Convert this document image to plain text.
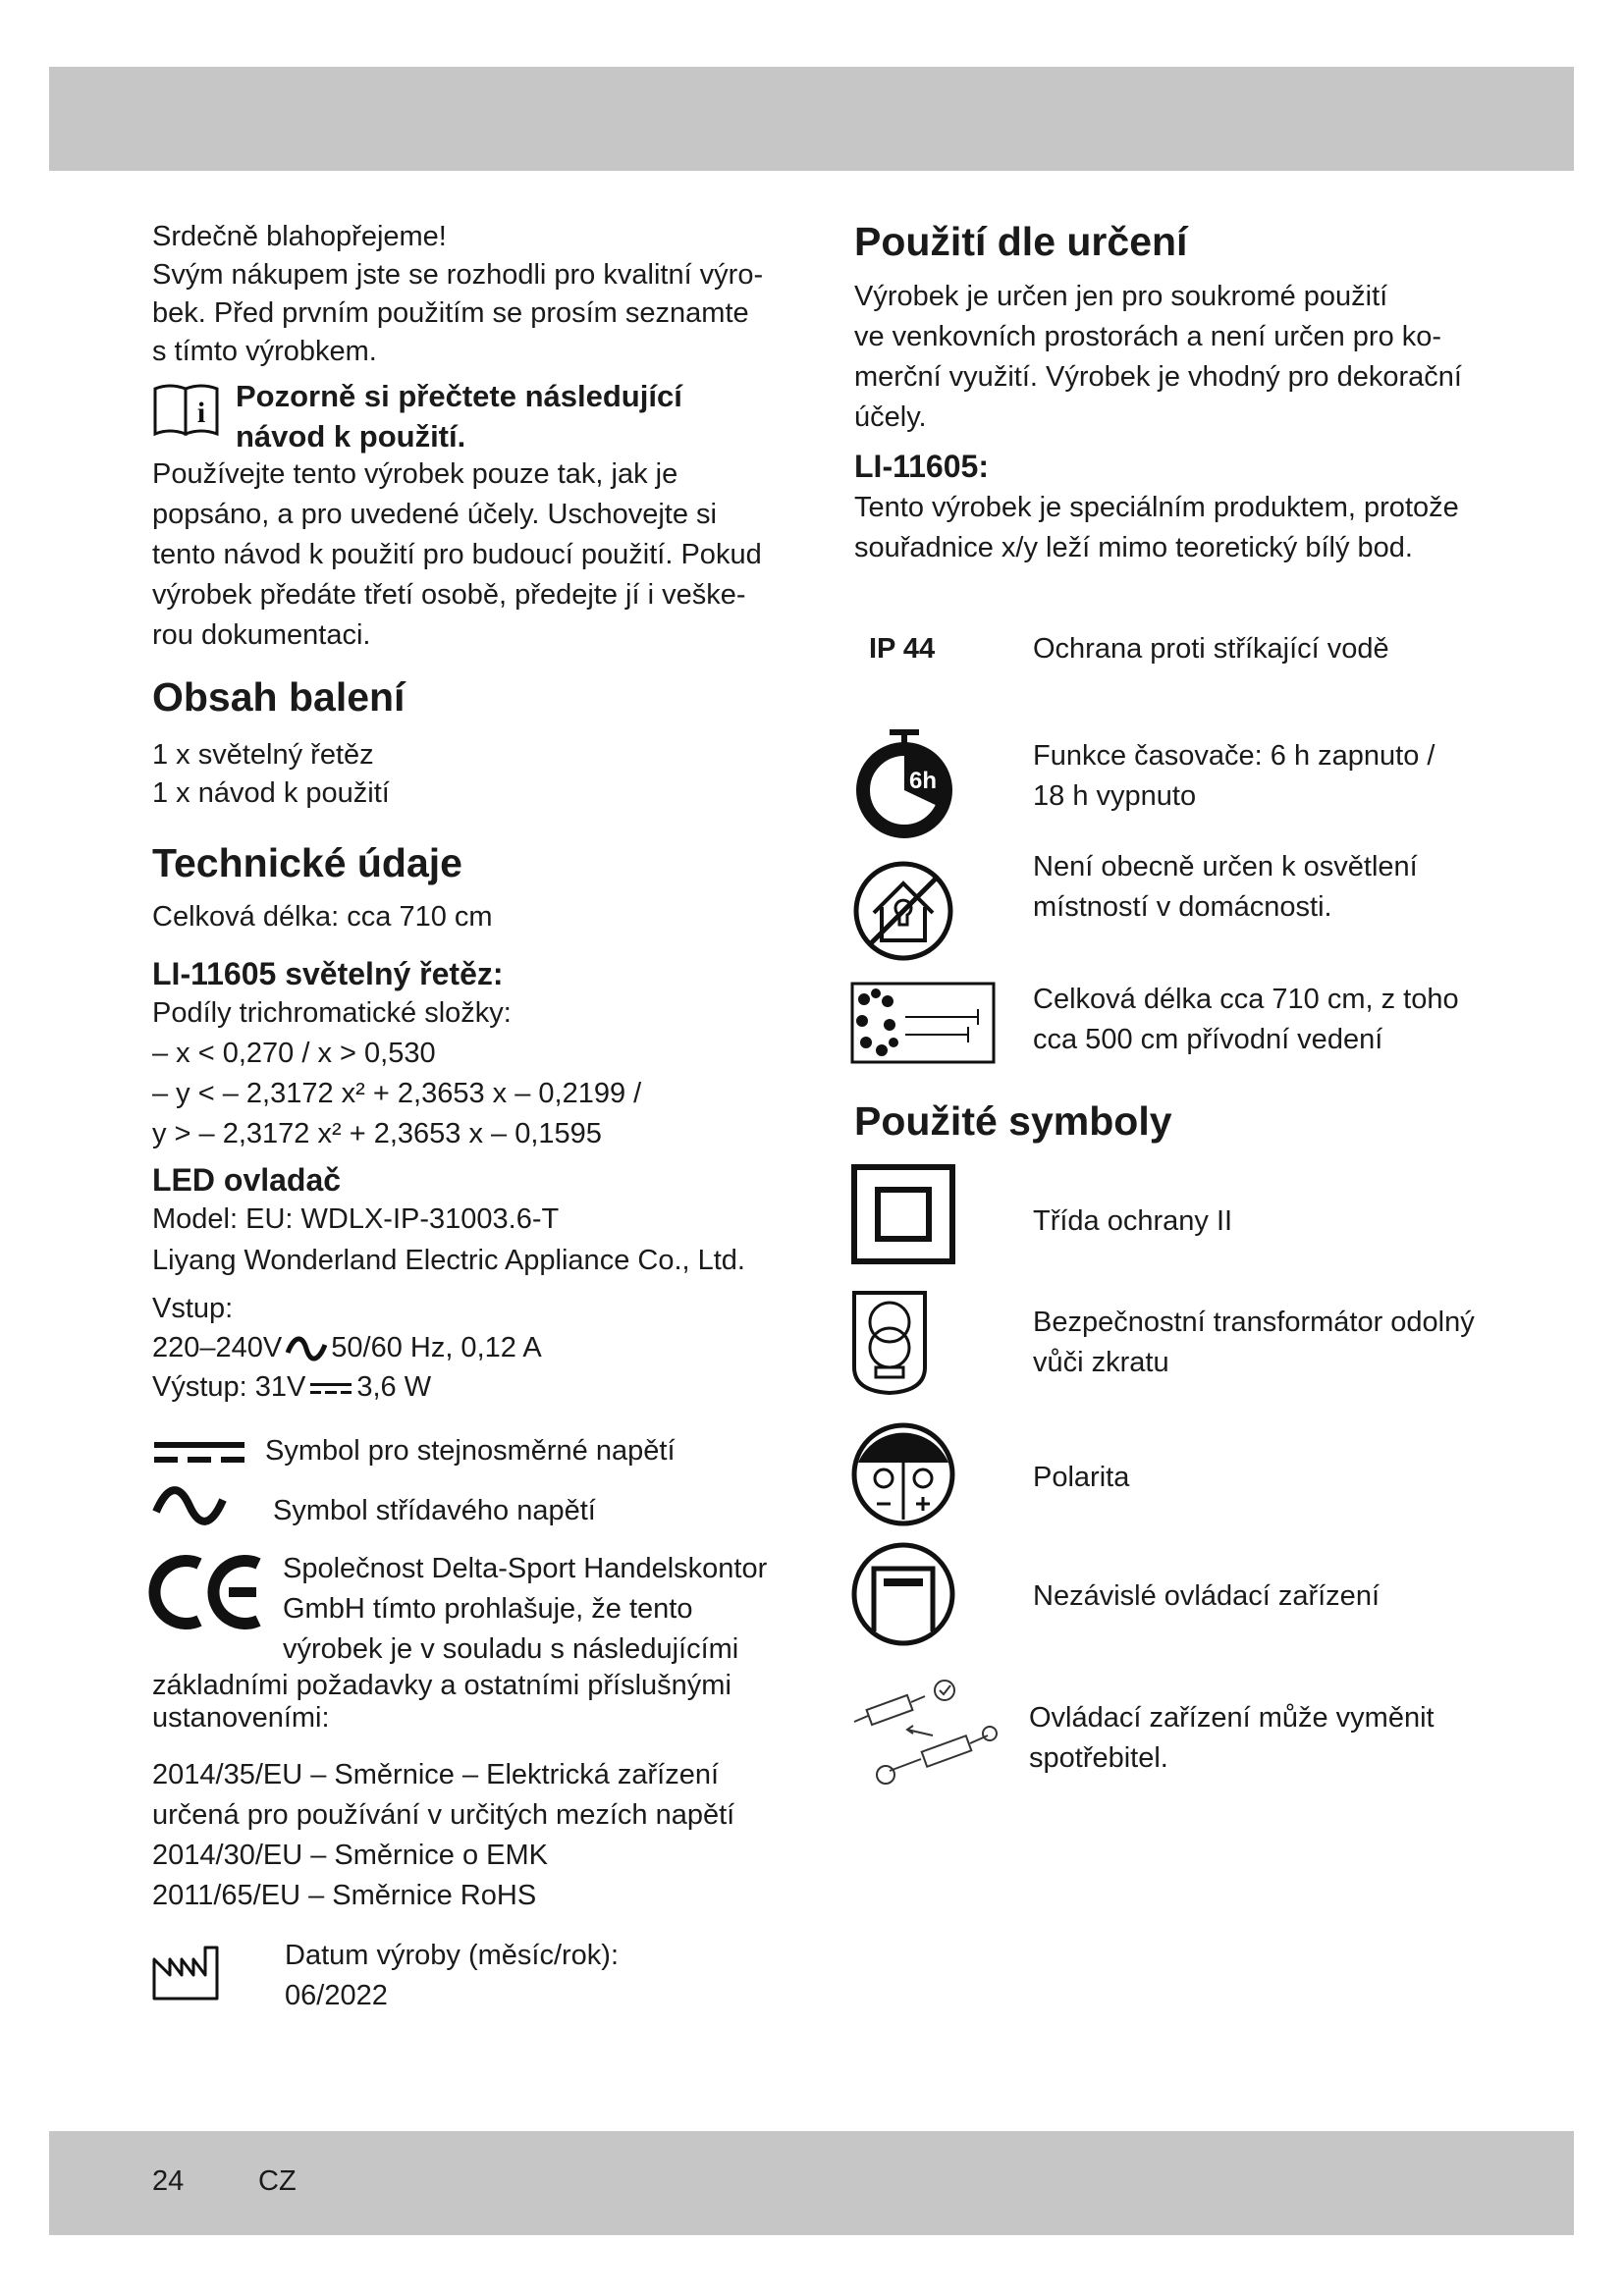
Srdečně blahopřejeme!
Svým nákupem jste se rozhodli pro kvalitní výro-
bek. Před prvním použitím se prosím seznamte
s tímto výrobkem.
i Pozorně si přečtete následující
návod k použití.
Používejte tento výrobek pouze tak, jak je
popsáno, a pro uvedené účely. Uschovejte si
tento návod k použití pro budoucí použití. Pokud
výrobek předáte třetí osobě, předejte jí i veške-
rou dokumentaci.
Obsah balení
1 x světelný řetěz
1 x návod k použití
Technické údaje
Celková délka: cca 710 cm
LI-11605 světelný řetěz:
Podíly trichromatické složky:
– x < 0,270 / x > 0,530
– y < – 2,3172 x² + 2,3653 x – 0,2199 /
y > – 2,3172 x² + 2,3653 x – 0,1595
LED ovladač
Model: EU: WDLX-IP-31003.6-T
Liyang Wonderland Electric Appliance Co., Ltd.
Vstup:
220–240V 50/60 Hz, 0,12 A
Výstup: 31V 3,6 W
Symbol pro stejnosměrné napětí
Symbol střídavého napětí
Společnost Delta-Sport Handelskontor
GmbH tímto prohlašuje, že tento
výrobek je v souladu s následujícími
základními požadavky a ostatními příslušnými
ustanoveními:
2014/35/EU – Směrnice – Elektrická zařízení
určená pro používání v určitých mezích napětí
2014/30/EU – Směrnice o EMK
2011/65/EU – Směrnice RoHS
Datum výroby (měsíc/rok):
06/2022
Použití dle určení
Výrobek je určen jen pro soukromé použití
ve venkovních prostorách a není určen pro ko-
merční využití. Výrobek je vhodný pro dekorační
účely.
LI-11605:
Tento výrobek je speciálním produktem, protože
souřadnice x/y leží mimo teoretický bílý bod.
IP 44	Ochrana proti stříkající vodě
6h
Funkce časovače: 6 h zapnuto /
18 h vypnuto
Není obecně určen k osvětlení
místností v domácnosti.
Celková délka cca 710 cm, z toho
cca 500 cm přívodní vedení
Použité symboly
Třída ochrany II
Bezpečnostní transformátor odolný
vůči zkratu
Polarita
Nezávislé ovládací zařízení
Ovládací zařízení může vyměnit
spotřebitel.
24	CZ
